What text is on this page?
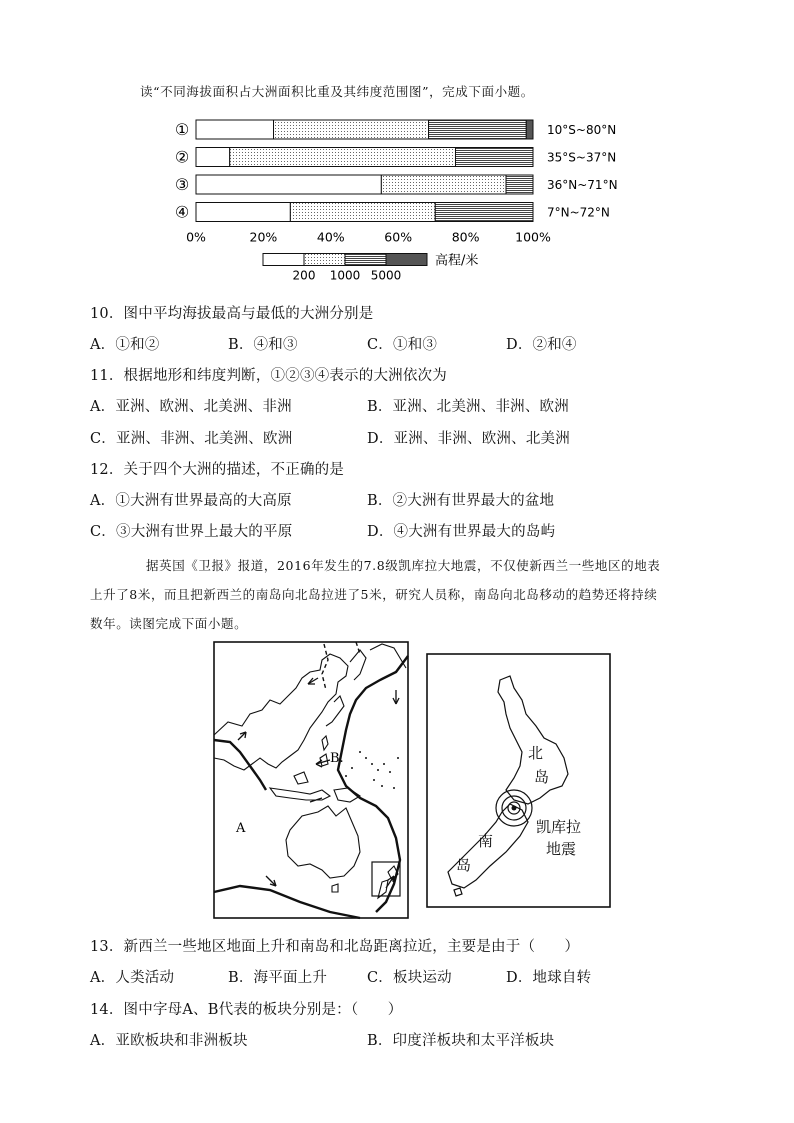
读“不同海拔面积占大洲面积比重及其纬度范围图”，完成下面小题。
①	10°S~80°N
②	35°S~37°N
③	36°N~71°N
④	7°N~72°N
0%	20%	40%	60%	80%	100%
200 1000 5000
高程/米
10．图中平均海拔最高与最低的大洲分别是
A．①和②	B．④和③	C．①和③	D．②和④
11．根据地形和纬度判断，①②③④表示的大洲依次为
A．亚洲、欧洲、北美洲、非洲	B．亚洲、北美洲、非洲、欧洲
C．亚洲、非洲、北美洲、欧洲	D．亚洲、非洲、欧洲、北美洲
12．关于四个大洲的描述，不正确的是
A．①大洲有世界最高的大高原	B．②大洲有世界最大的盆地
C．③大洲有世界上最大的平原	D．④大洲有世界最大的岛屿
据英国《卫报》报道，2016年发生的7.8级凯库拉大地震，不仅使新西兰一些地区的地表
上升了8米，而且把新西兰的南岛向北岛拉进了5米，研究人员称，南岛向北岛移动的趋势还将持续
数年。读图完成下面小题。
A
B.	北
岛
南
岛
凯库拉
地震
13．新西兰一些地区地面上升和南岛和北岛距离拉近，主要是由于（　　）
A．人类活动	B．海平面上升	C．板块运动	D．地球自转
14．图中字母A、B代表的板块分别是：（　　）
A．亚欧板块和非洲板块	B．印度洋板块和太平洋板块
